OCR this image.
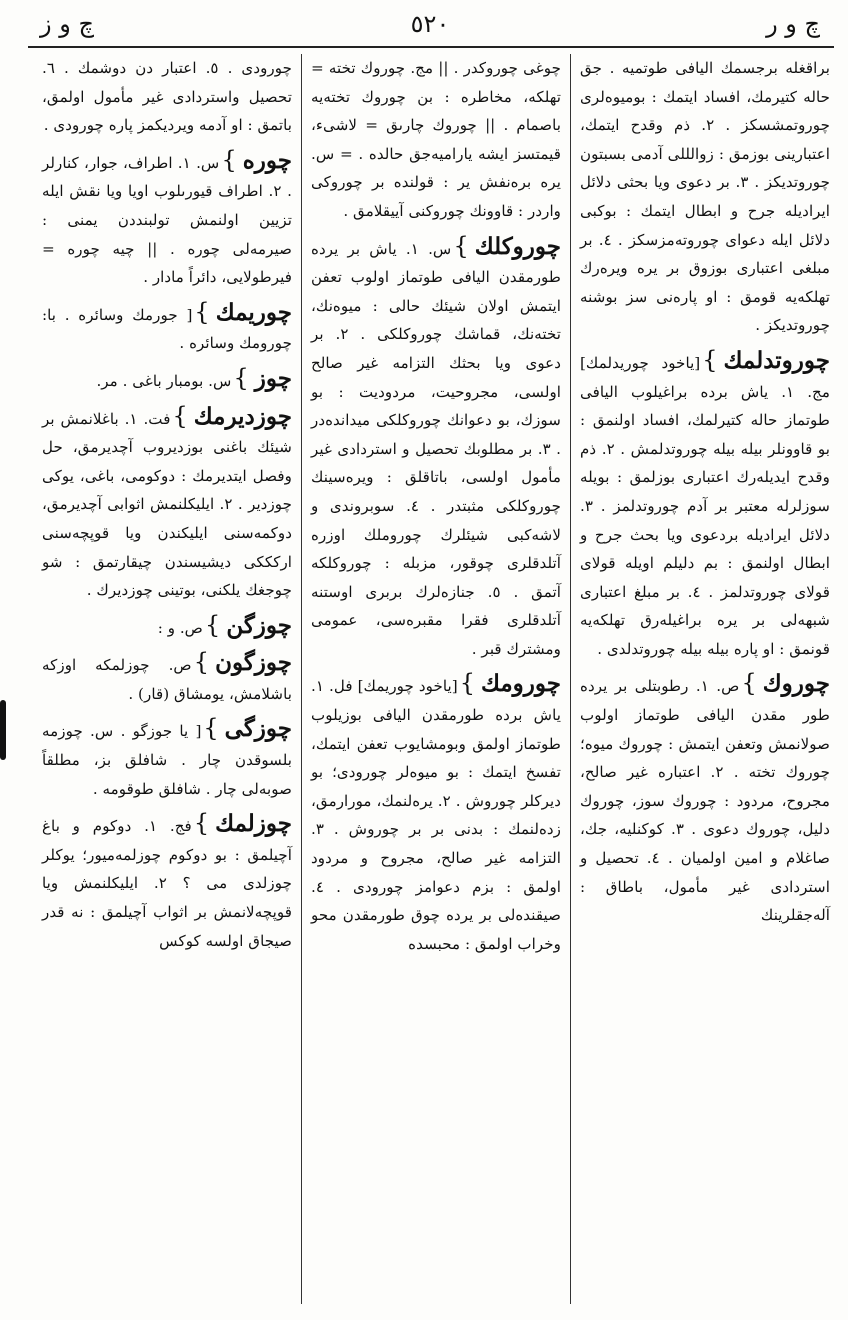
چ و ر
٥٢٠
چ و ز
براقغله برجسمك اليافى طوتميه . جق حاله كتيرمك، افساد ايتمك : بومیوەلری چوروتمشسكز . ٢. ذم وقدح ايتمك، اعتبارينى بوزمق : زوالللی آدمی بسبتون چوروتديكز . ٣. بر دعوی ويا بحثی دلائل ايراديله جرح و ابطال ايتمك : بوكبی دلائل ايله دعوای چوروته‌مزسكز . ٤. بر مبلغی اعتباری بوزوق بر يره ويره‌رك تهلكه‌يه قومق : او پاره‌نی سز بوشنه چوروتديكز .
چوروتدلمك}[ياخود چوريدلمك] مج. ١. ياش برده براغيلوب اليافى طوتماز حاله كتيرلمك، افساد اولنمق : بو قاوونلر بيله بيله چوروتدلمش . ٢. ذم وقدح ايديلەرك اعتبارى بوزلمق : بويله سوزلرله معتبر بر آدم چوروتدلمز . ٣. دلائل ايراديله بردعوی ويا بحث جرح و ابطال اولنمق : بم دليلم اويله قولای قولای چوروتدلمز . ٤. بر مبلغ اعتبارى شبهه‌لی بر يره براغيلەرق تهلكه‌يه قونمق : او پاره بيله بيله چوروتدلدی .
چوروك}ص. ١. رطوبتلی بر يرده طور مقدن اليافى طوتماز اولوب صولانمش وتعفن ايتمش : چوروك ميوه؛ چوروك تخته . ٢. اعتباره غير صالح، مجروح، مردود : چوروك سوز، چوروك دليل، چوروك دعوی . ٣. كوكنليه، جك، صاغلام و امين اولميان . ٤. تحصيل و استردادى غير مأمول، باطاق : آله‌جقلرينك
چوغی چوروكدر . || مج. چوروك تخته = تهلكه، مخاطره : بن چوروك تخته‌يه باصمام . || چوروك چارىق = لاشیء، قيمتسز ايشه يارامیه‌جق حالده . = س. يره برەنفش ير : قولنده بر چوروكى واردر : قاوونك چوروكنی آييقلامق .
چوروكلك}س. ١. ياش بر يرده طورمقدن اليافى طوتماز اولوب تعفن ايتمش اولان شيئك حالی : ميوه‌نك، تخته‌نك، قماشك چوروكلكى . ٢. بر دعوی ويا بحثك التزامه غير صالح اولسی، مجروحيت، مردوديت : بو سوزك، بو دعوانك چوروكلكى ميدانده‌در . ٣. بر مطلوبك تحصيل و استردادى غير مأمول اولسی، باتاقلق : ويره‌سينك چوروكلكى مثبتدر . ٤. سوبروندی و لاشه‌كبی شيئلرك چوروملك اوزره آتلدقلری چوقور، مزبله : چوروكلكه آتمق . ٥. جنازه‌لرك بربری اوستنه آتلدقلری فقرا مقبره‌سی، عمومی ومشترك قبر .
چورومك}[ياخود چوريمك] فل. ١. ياش برده طورمقدن اليافى بوزيلوب طوتماز اولمق وبومشايوب تعفن ايتمك، تفسخ ايتمك : بو ميوه‌لر چورودی؛ بو ديركلر چوروش . ٢. يره‌لنمك، مورارمق، زده‌لنمك : بدنی بر بر چوروش . ٣. التزامه غير صالح، مجروح و مردود اولمق : بزم دعوامز چورودی . ٤. صيقنده‌لی بر يرده چوق طورمقدن محو وخراب اولمق : محبسده
چورودی . ٥. اعتبار دن دوشمك . ٦. تحصيل واستردادى غير مأمول اولمق، باتمق : او آدمه ويرديكمز پاره چورودی .
چوره}س. ١. اطراف، جوار، كنارلر . ٢. اطراف قيورىلوب اويا ويا نقش ايله تزيين اولنمش تولبنددن يمنی : صيرمه‌لی چوره . || چيه چوره = فيرطولايی، دائراً مادار .
چوريمك}[ جورمك وسائره . با: چورومك وسائره .
چوز}س. بومبار باغی . مر.
چوزديرمك}فت. ١. باغلانمش بر شيئك باغنی بوزديروب آچديرمق، حل وفصل ايتديرمك : دوكومی، باغی، يوكی چوزدير . ٢. ايليكلنمش اثوابی آچديرمق، دوكمه‌سنی ايليكندن ويا قوپچه‌سنی اركككی ديشيسندن چيقارتمق : شو چوجغك يلكنی، بوتينی چوزديرك .
چوزگن}ص. و :
چوزگون}ص. چوزلمكه اوزكه باشلامش، يومشاق (قار) .
چوزگی}[ يا جوزگو . س. چوزمه بلسوقدن چار . شافلق بز، مطلقاً صوبه‌لی چار . شافلق طوقومه .
چوزلمك}فج. ١. دوكوم و باغ آچيلمق : بو دوكوم چوزلمه‌ميور؛ يوكلر چوزلدی می ؟ ٢. ايليكلنمش ويا قوپچه‌لانمش بر اثواب آچيلمق : نه قدر صيجاق اولسه كوكس
